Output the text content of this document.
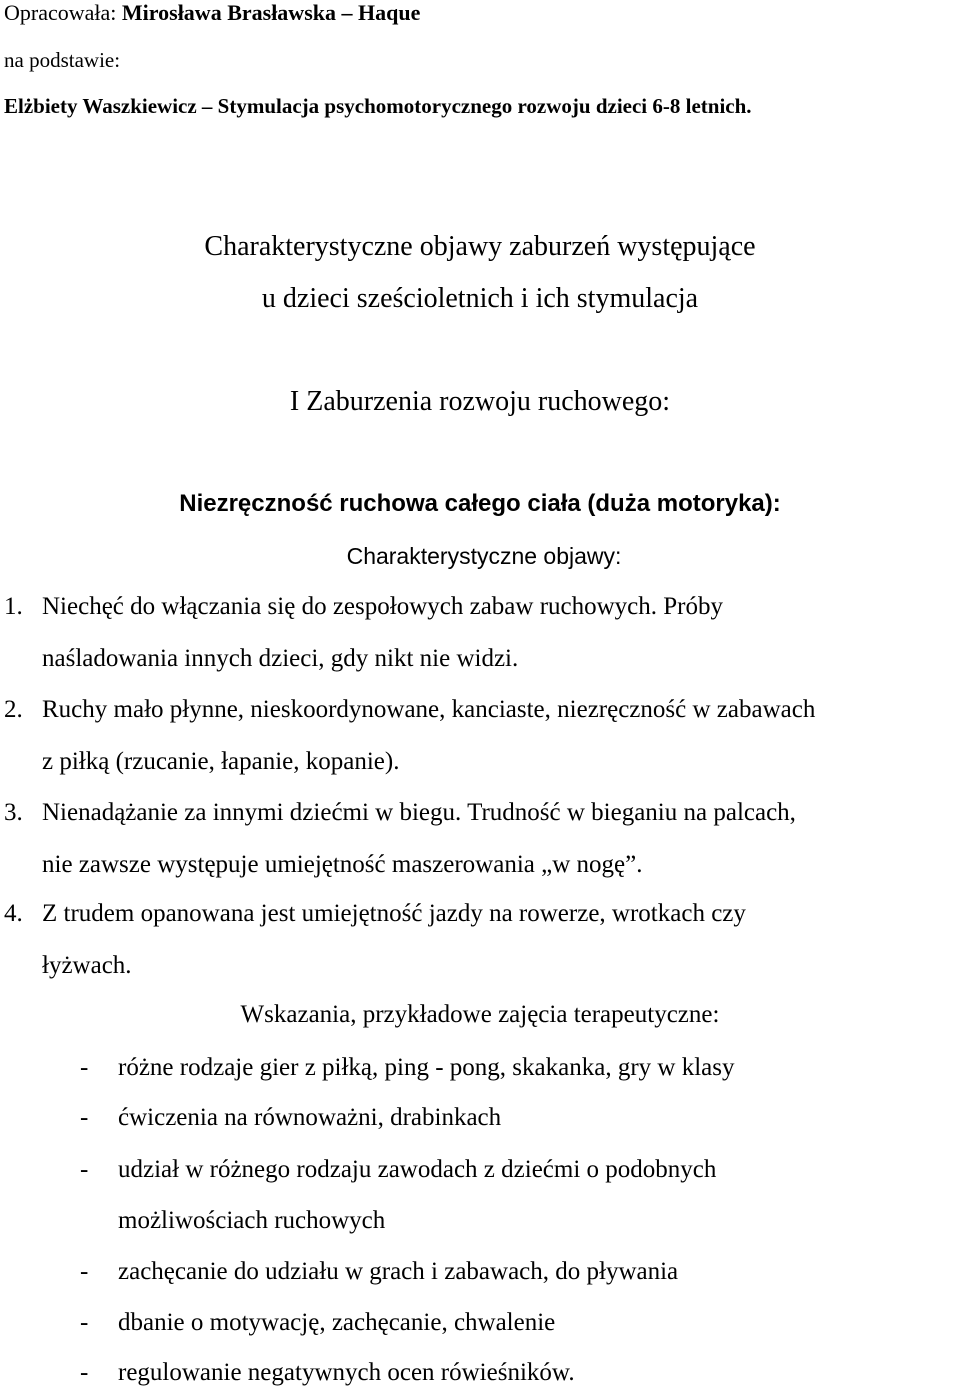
Opracowała: Mirosława Brasławska – Haque
na podstawie:
Elżbiety Waszkiewicz – Stymulacja psychomotorycznego rozwoju dzieci 6-8 letnich.
Charakterystyczne objawy zaburzeń występujące
u dzieci sześcioletnich i ich stymulacja
I Zaburzenia rozwoju ruchowego:
Niezręczność ruchowa całego ciała (duża motoryka):
Charakterystyczne objawy:
1. Niechęć do włączania się do zespołowych zabaw ruchowych. Próby
naśladowania innych dzieci, gdy nikt nie widzi.
2. Ruchy mało płynne, nieskoordynowane, kanciaste, niezręczność w zabawach
z piłką (rzucanie, łapanie, kopanie).
3. Nienadążanie za innymi dziećmi w biegu. Trudność w bieganiu na palcach,
nie zawsze występuje umiejętność maszerowania „w nogę”.
4. Z trudem opanowana jest umiejętność jazdy na rowerze, wrotkach czy
łyżwach.
Wskazania, przykładowe zajęcia terapeutyczne:
- różne rodzaje gier z piłką, ping - pong, skakanka, gry w klasy
- ćwiczenia na równoważni, drabinkach
- udział w różnego rodzaju zawodach z dziećmi o podobnych
możliwościach ruchowych
- zachęcanie do udziału w grach i zabawach, do pływania
- dbanie o motywację, zachęcanie, chwalenie
- regulowanie negatywnych ocen rówieśników.
